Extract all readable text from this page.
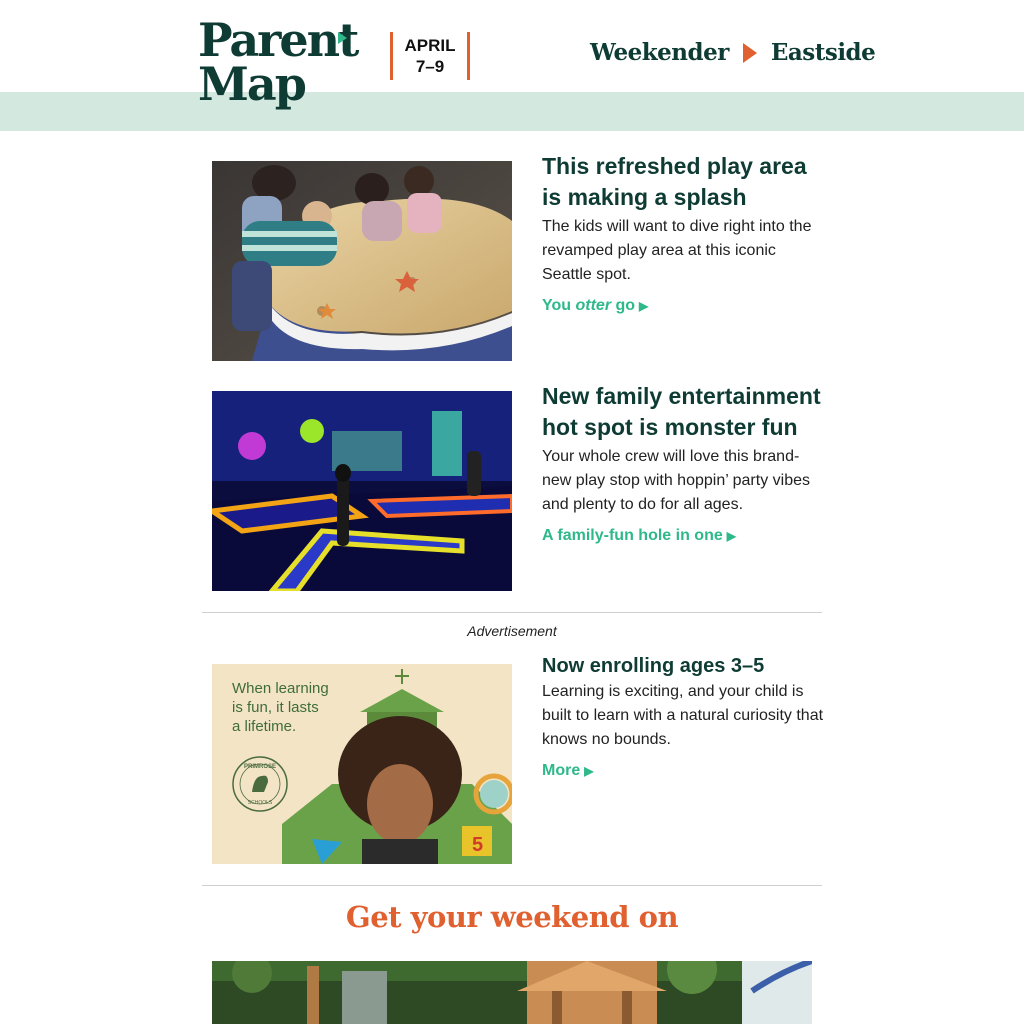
Parent
Map
APRIL
7–9
Weekender Eastside
This refreshed play area is making a splash

The kids will want to dive right into the revamped play area at this iconic Seattle spot.

You otter go ▶
New family entertainment hot spot is monster fun

Your whole crew will love this brand-new play stop with hoppin’ party vibes and plenty to do for all ages.

A family-fun hole in one ▶
Advertisement
When learning
is fun, it lasts
a lifetime.
PRIMROSE
SCHOOLS
5
Now enrolling ages 3–5

Learning is exciting, and your child is built to learn with a natural curiosity that knows no bounds.

More ▶
Get your weekend on
